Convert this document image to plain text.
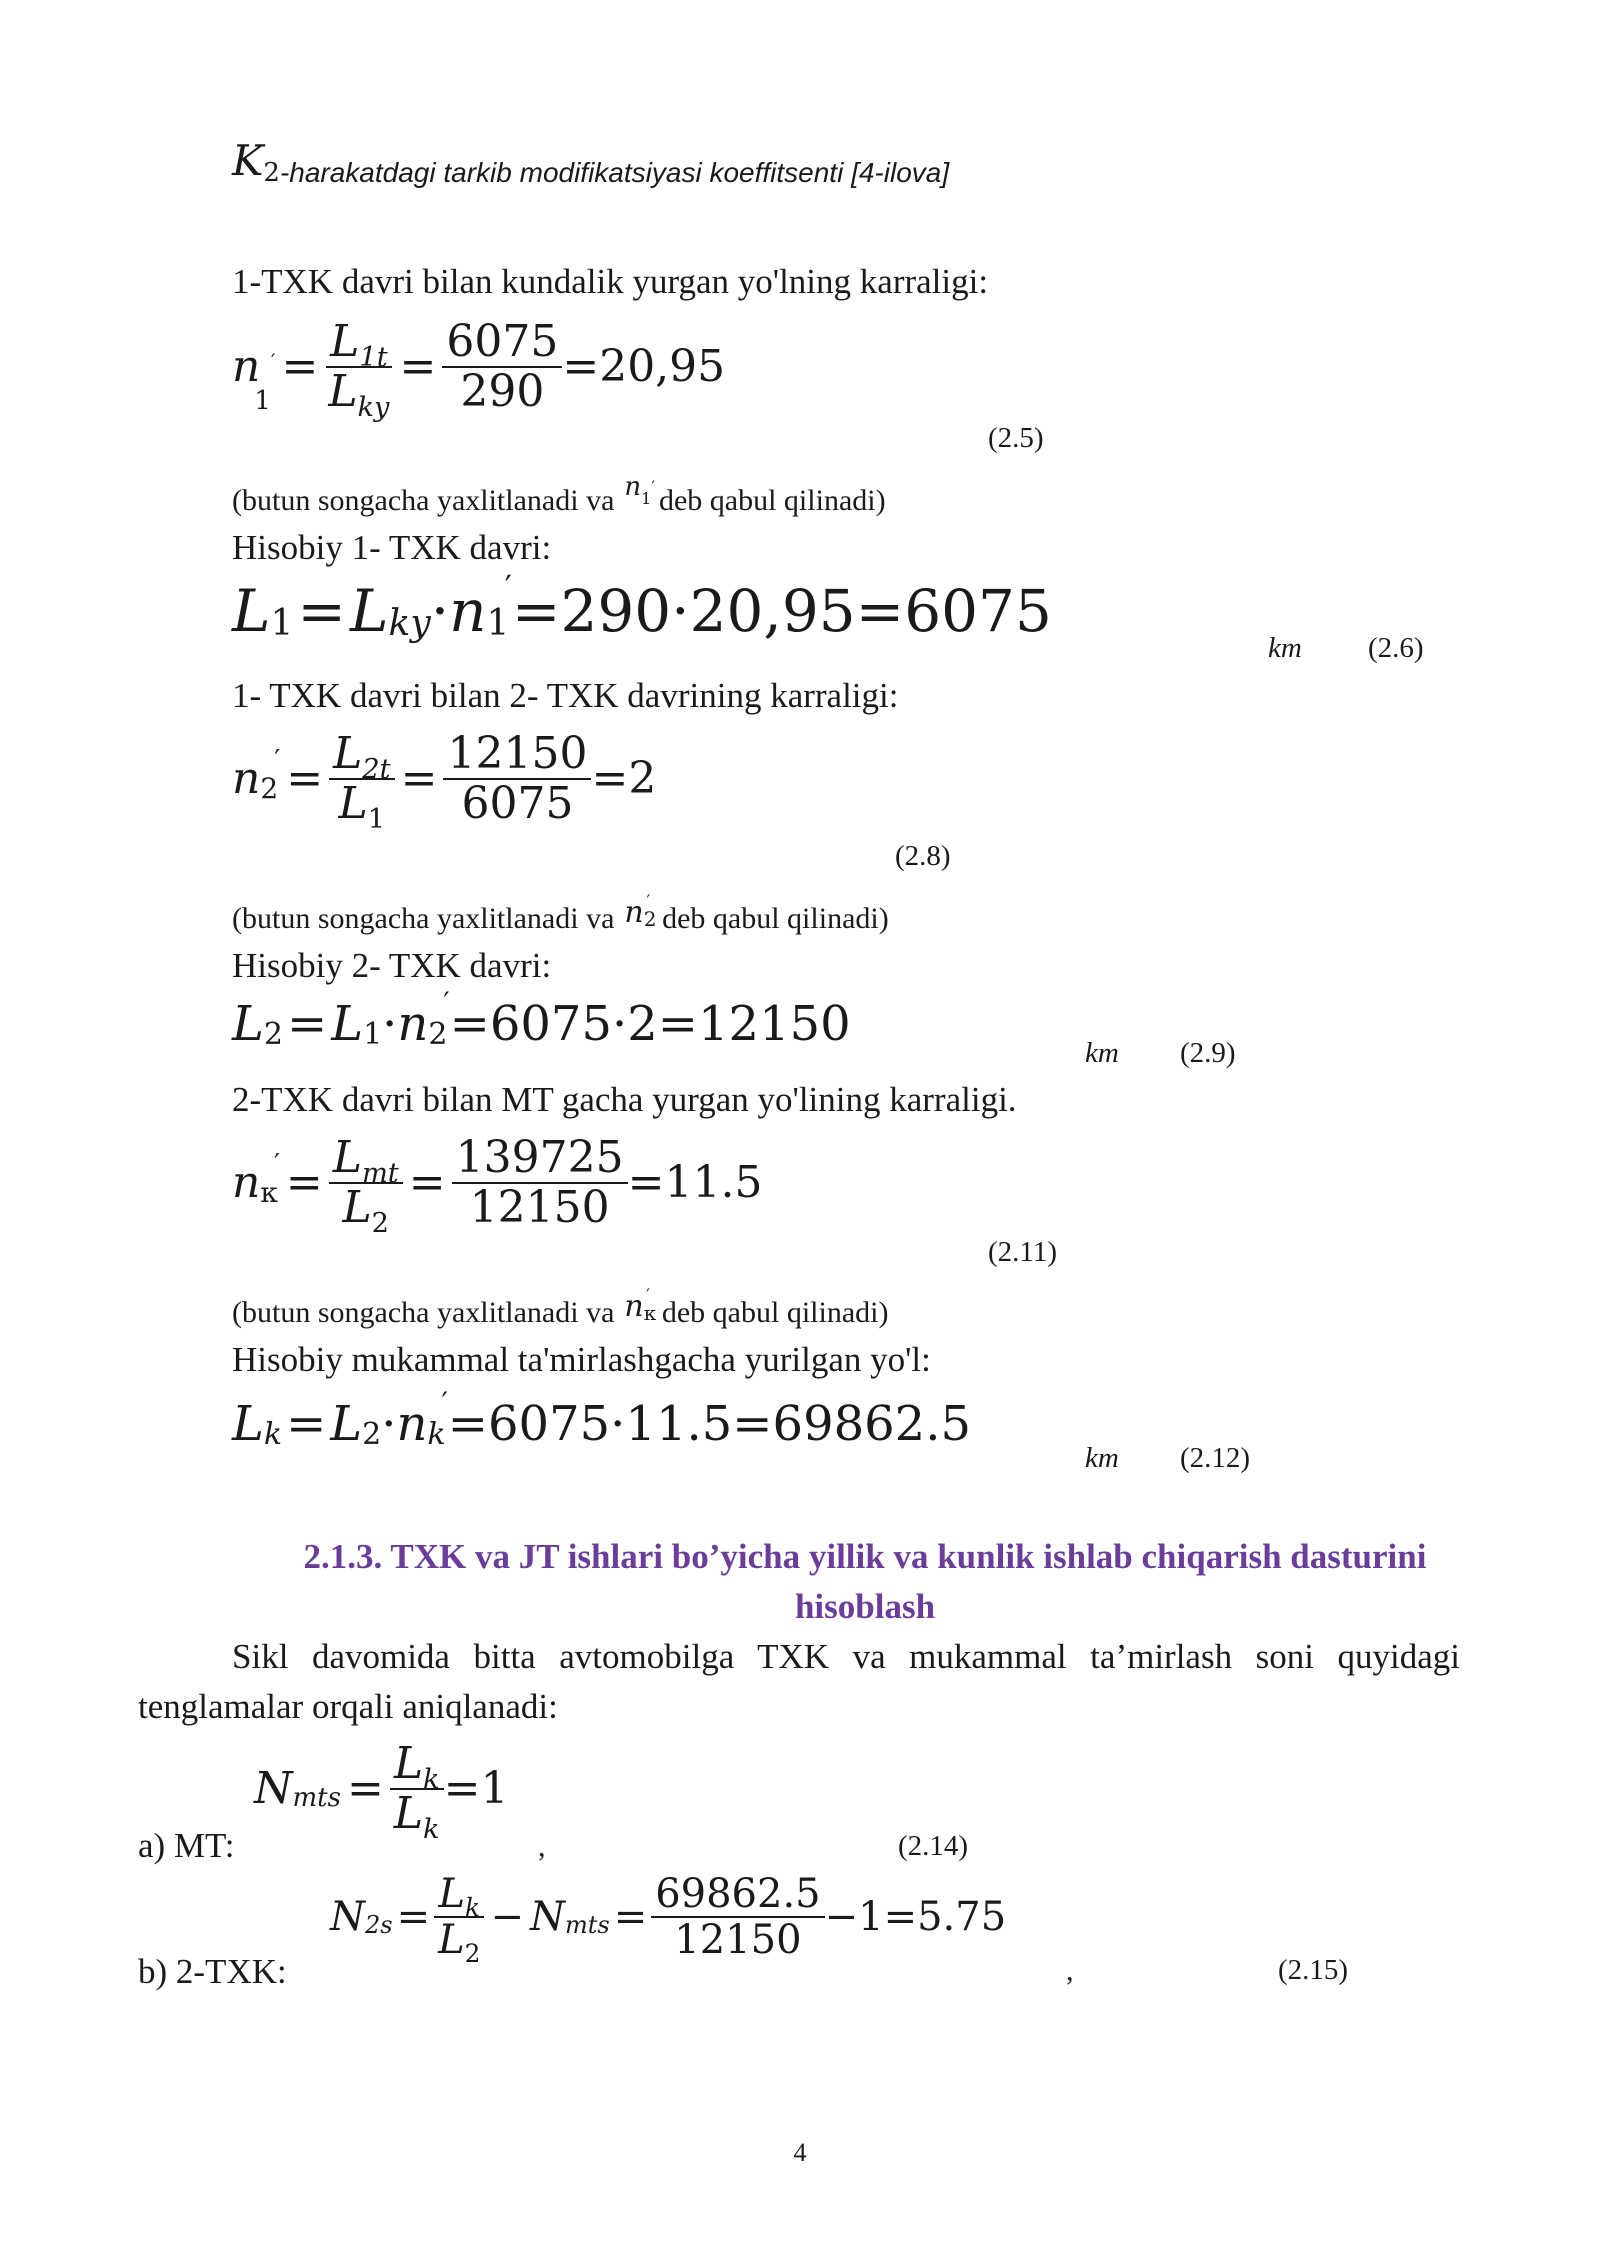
K 2 -harakatdagi tarkib modifikatsiyasi koeffitsenti [4-ilova]
1-TXK davri bilan kundalik yurgan yo'lning karraligi:
n
1
′ = $\frac{L_{1t}}{L_{ky}} = \frac{6075}{290} =20,95$
(2.5)
(butun songacha yaxlitlanadi va n 1
′ deb qabul qilinadi)
Hisobiy 1- TXK davri:
L 1 = L ky · n 1
′ =290·20,95=6075
km (2.6)
1- TXK davri bilan 2- TXK davrining karraligi:
n 2
′ = $\frac{L_{2t}}{L_1} = \frac{12150}{6075} =2$
(2.8)
(butun songacha yaxlitlanadi va n 2
′
deb qabul qilinadi)
Hisobiy 2- TXK davri:
L 2 = L 1 · n 2
′ =6075·2=12150
km (2.9)
2-TXK davri bilan MT gacha yurgan yo'lining karraligi.
n к
′ = $\frac{L_{mt}}{L_2} = \frac{139725}{12150} =11.5$
(2.11)
(butun songacha yaxlitlanadi va n к
′
deb qabul qilinadi)
Hisobiy mukammal ta'mirlashgacha yurilgan yo'l:
L k = L 2 · n k
′ =6075·11.5=69862.5
km (2.12)
2.1.3. TXK va JT ishlari bo’yicha yillik va kunlik ishlab chiqarish dasturini
hisoblash
Sikl davomida bitta avtomobilga TXK va mukammal ta’mirlash soni quyidagi tenglamalar orqali aniqlanadi:
a) MT:
N mts = $\frac{L_k}{L_k} =1$
,	(2.14)
b) 2-TXK:
N $2s = \frac{L_k}{L_2} - N$ mts = $\frac{69862.5}{12150} -1=5.75$
,	(2.15)
4
